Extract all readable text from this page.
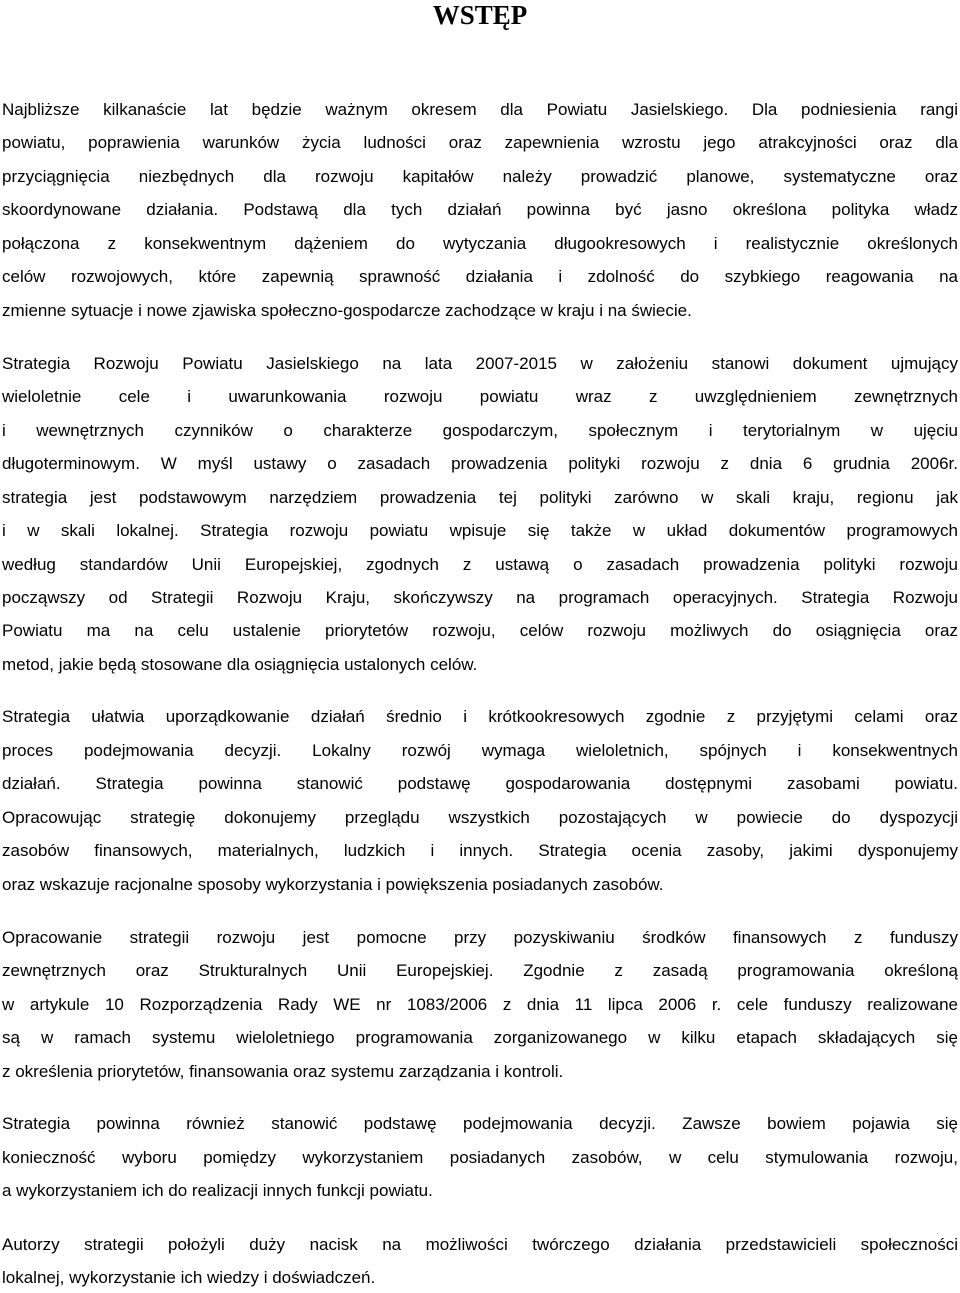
WSTĘP
Najbliższe kilkanaście lat będzie ważnym okresem dla Powiatu Jasielskiego. Dla podniesienia rangi
powiatu, poprawienia warunków życia ludności oraz zapewnienia wzrostu jego atrakcyjności oraz dla
przyciągnięcia niezbędnych dla rozwoju kapitałów należy prowadzić planowe, systematyczne oraz
skoordynowane działania. Podstawą dla tych działań powinna być jasno określona polityka władz
połączona z konsekwentnym dążeniem do wytyczania długookresowych i realistycznie określonych
celów rozwojowych, które zapewnią sprawność działania i zdolność do szybkiego reagowania na
zmienne sytuacje i nowe zjawiska społeczno-gospodarcze zachodzące w kraju i na świecie.
Strategia Rozwoju Powiatu Jasielskiego na lata 2007-2015 w założeniu stanowi dokument ujmujący
wieloletnie cele i uwarunkowania rozwoju powiatu wraz z uwzględnieniem zewnętrznych
i wewnętrznych czynników o charakterze gospodarczym, społecznym i terytorialnym w ujęciu
długoterminowym. W myśl ustawy o zasadach prowadzenia polityki rozwoju z dnia 6 grudnia 2006r.
strategia jest podstawowym narzędziem prowadzenia tej polityki zarówno w skali kraju, regionu jak
i w skali lokalnej. Strategia rozwoju powiatu wpisuje się także w układ dokumentów programowych
według standardów Unii Europejskiej, zgodnych z ustawą o zasadach prowadzenia polityki rozwoju
począwszy od Strategii Rozwoju Kraju, skończywszy na programach operacyjnych. Strategia Rozwoju
Powiatu ma na celu ustalenie priorytetów rozwoju, celów rozwoju możliwych do osiągnięcia oraz
metod, jakie będą stosowane dla osiągnięcia ustalonych celów.
Strategia ułatwia uporządkowanie działań średnio i krótkookresowych zgodnie z przyjętymi celami oraz
proces podejmowania decyzji. Lokalny rozwój wymaga wieloletnich, spójnych i konsekwentnych
działań. Strategia powinna stanowić podstawę gospodarowania dostępnymi zasobami powiatu.
Opracowując strategię dokonujemy przeglądu wszystkich pozostających w powiecie do dyspozycji
zasobów finansowych, materialnych, ludzkich i innych. Strategia ocenia zasoby, jakimi dysponujemy
oraz wskazuje racjonalne sposoby wykorzystania i powiększenia posiadanych zasobów.
Opracowanie strategii rozwoju jest pomocne przy pozyskiwaniu środków finansowych z funduszy
zewnętrznych oraz Strukturalnych Unii Europejskiej. Zgodnie z zasadą programowania określoną
w artykule 10 Rozporządzenia Rady WE nr 1083/2006 z dnia 11 lipca 2006 r. cele funduszy realizowane
są w ramach systemu wieloletniego programowania zorganizowanego w kilku etapach składających się
z określenia priorytetów, finansowania oraz systemu zarządzania i kontroli.
Strategia powinna również stanowić podstawę podejmowania decyzji. Zawsze bowiem pojawia się
konieczność wyboru pomiędzy wykorzystaniem posiadanych zasobów, w celu stymulowania rozwoju,
a wykorzystaniem ich do realizacji innych funkcji powiatu.
Autorzy strategii położyli duży nacisk na możliwości twórczego działania przedstawicieli społeczności
lokalnej, wykorzystanie ich wiedzy i doświadczeń.
